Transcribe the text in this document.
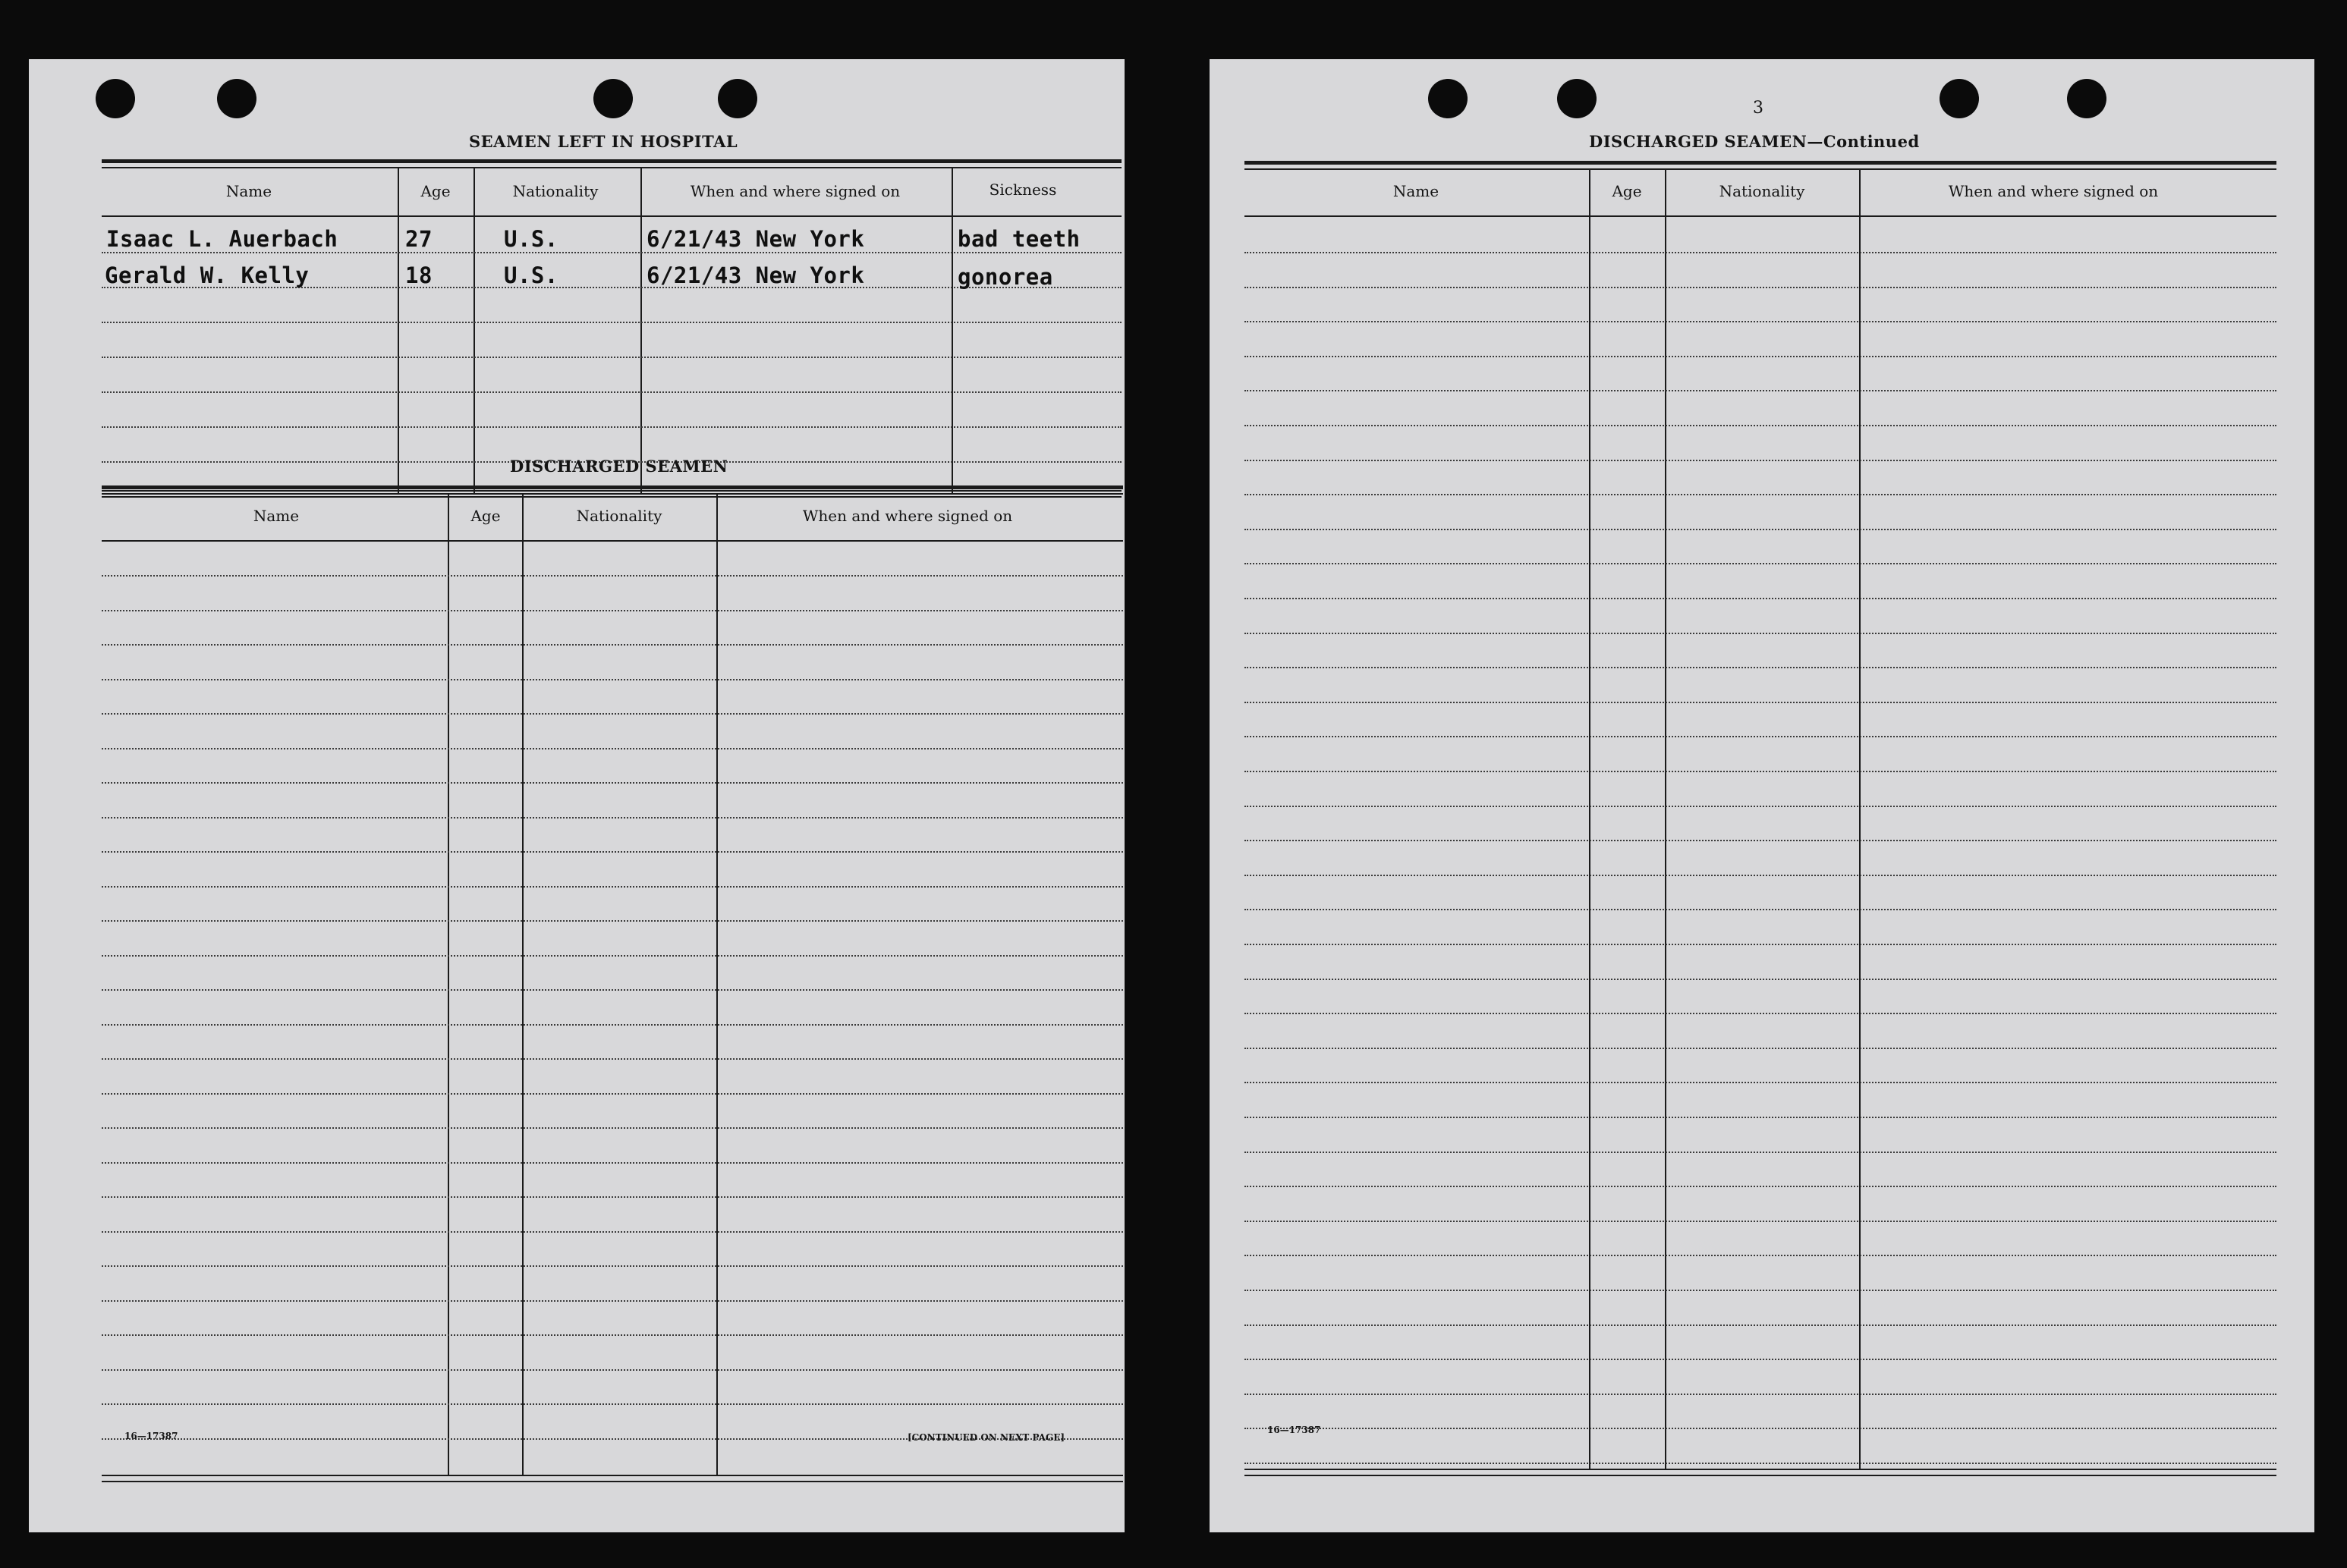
SEAMEN LEFT IN HOSPITAL
Name	Age	Nationality	When and where signed on	Sickness
Isaac L. Auerbach	27	U.S.	6/21/43 New York	bad teeth
Gerald W. Kelly	18	U.S.	6/21/43 New York	gonorea
DISCHARGED SEAMEN
Name	Age	Nationality	When and where signed on
16—17387	[CONTINUED ON NEXT PAGE]
3
DISCHARGED SEAMEN—Continued
Name	Age	Nationality	When and where signed on
16—17387
